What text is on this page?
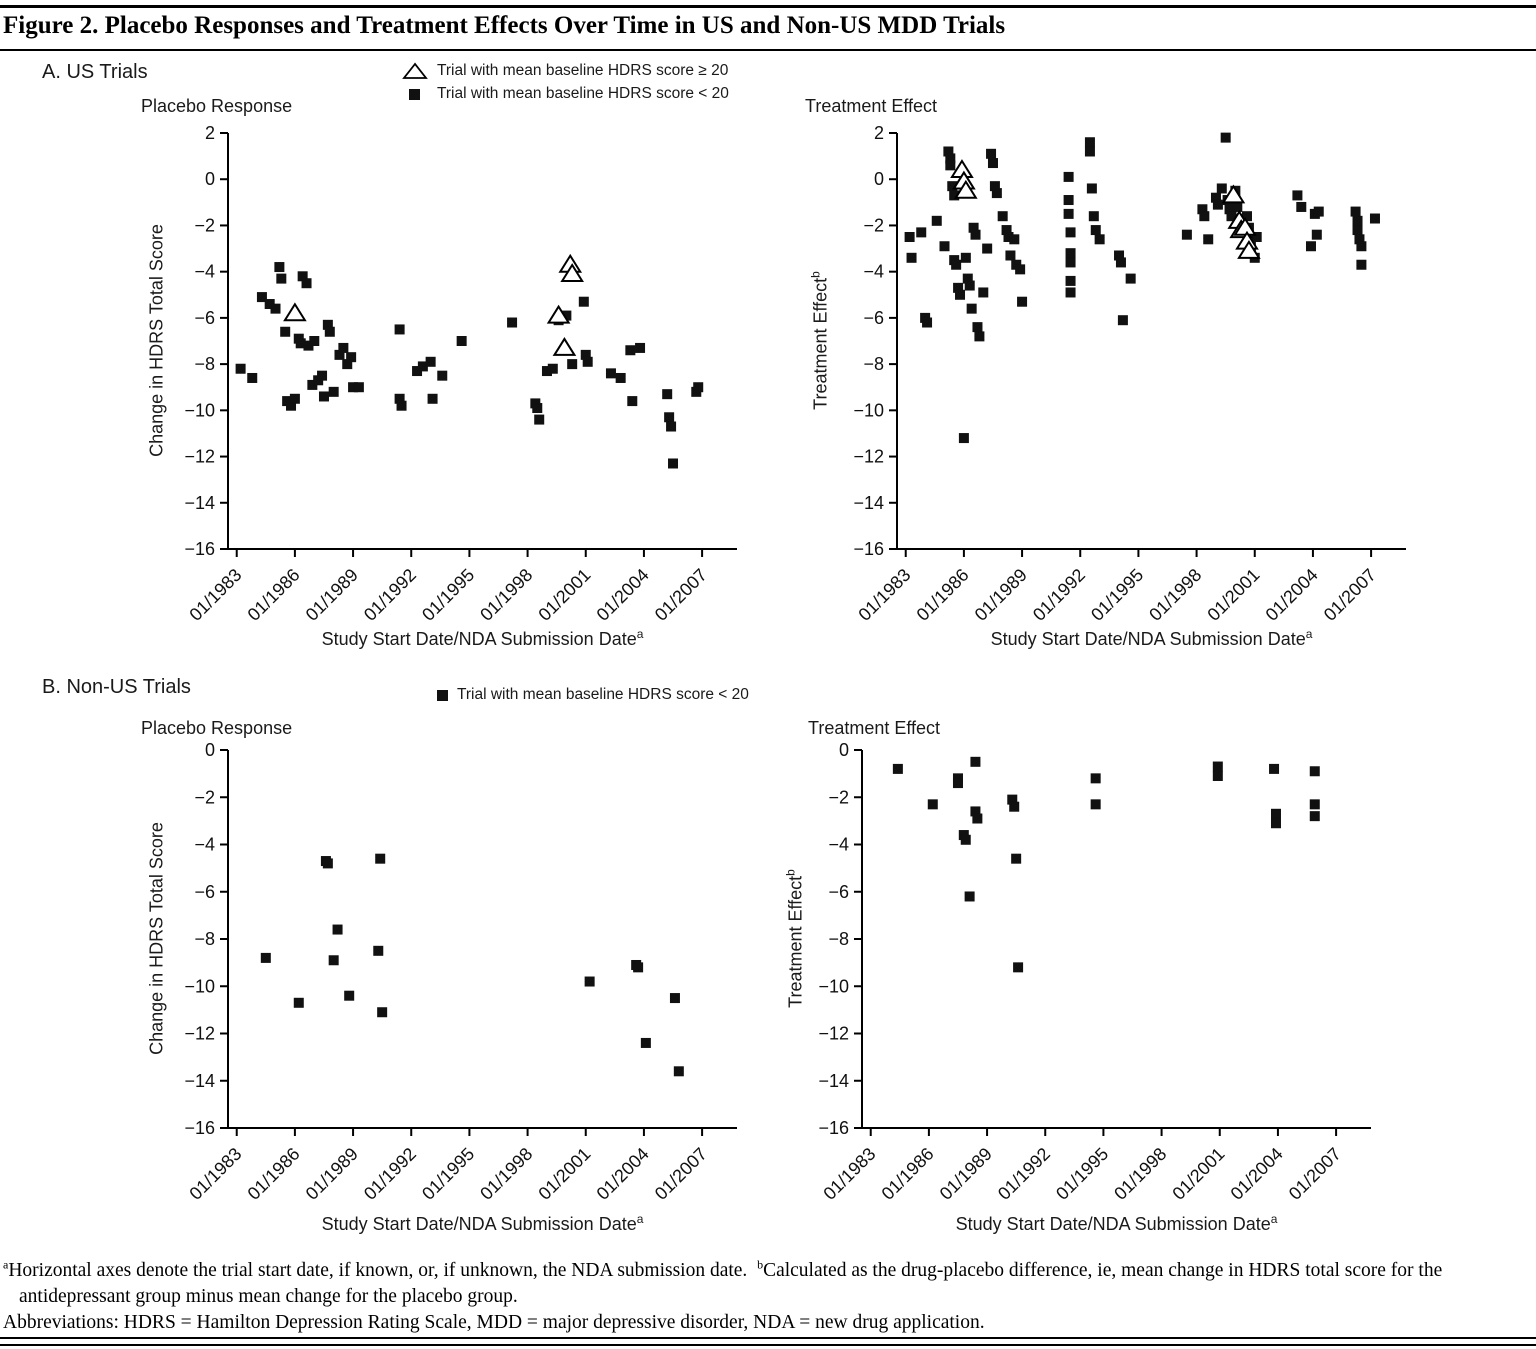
Figure 2. Placebo Responses and Treatment Effects Over Time in US and Non-US MDD Trials
A. US Trials	Trial with mean baseline HDRS score ≥ 20
Trial with mean baseline HDRS score < 20
Placebo Response	Treatment Effect
Change in HDRS Total Score	Treatment Effect$^b$
Study Start Date/NDA Submission Date$^a$	Study Start Date/NDA Submission Date$^a$
B. Non-US Trials	Trial with mean baseline HDRS score < 20
Placebo Response	Treatment Effect
Change in HDRS Total Score	Treatment Effect$^b$
Study Start Date/NDA Submission Date$^a$	Study Start Date/NDA Submission Date$^a$
2
0
−2
−4
−6
−8
−10
−12
−14
−16
01/1983
01/1986
01/1989
01/1992
01/1995
01/1998
01/2001
01/2004
01/2007
2
0
−2
−4
−6
−8
−10
−12
−14
−16
01/1983
01/1986
01/1989
01/1992
01/1995
01/1998
01/2001
01/2004
01/2007
0
−2
−4
−6
−8
−10
−12
−14
−16
01/1983
01/1986
01/1989
01/1992
01/1995
01/1998
01/2001
01/2004
01/2007
0
−2
−4
−6
−8
−10
−12
−14
−16
01/1983
01/1986
01/1989
01/1992
01/1995
01/1998
01/2001
01/2004
01/2007

$^a$Horizontal axes denote the trial start date, if known, or, if unknown, the NDA submission date. $^b$Calculated as the drug-placebo difference, ie, mean change in HDRS total score for the antidepressant group minus mean change for the placebo group.

Abbreviations: HDRS = Hamilton Depression Rating Scale, MDD = major depressive disorder, NDA = new drug application.
